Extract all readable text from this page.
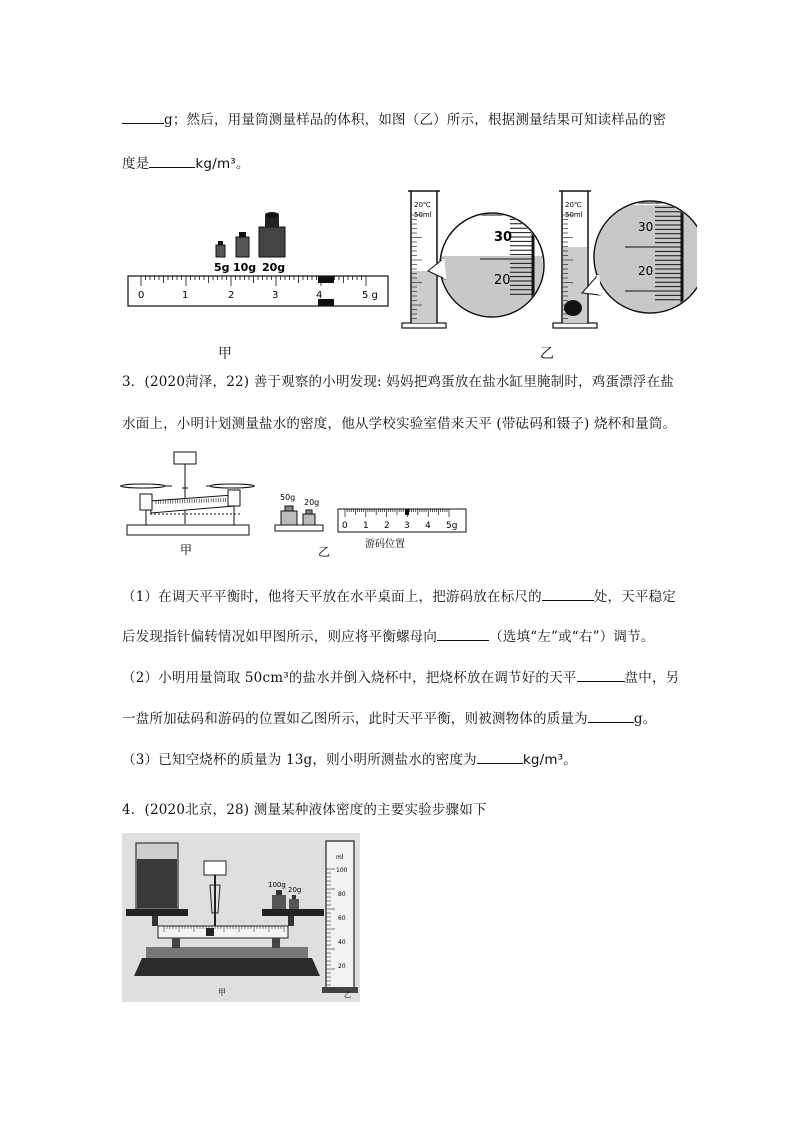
g；然后，用量筒测量样品的体积，如图（乙）所示，根据测量结果可知读样品的密
度是	kg/m³。
5g 10g 20g
0	1	2	3	4	5 g
20℃
50ml
30
20
20℃
50ml
30
20
甲	乙
3．(2020菏泽，22) 善于观察的小明发现: 妈妈把鸡蛋放在盐水缸里腌制时，鸡蛋漂浮在盐
水面上，小明计划测量盐水的密度，他从学校实验室借来天平 (带砝码和镊子) 烧杯和量筒。
甲
50g
20g
乙
0 1 2 3 4 5g
游码位置
（1）在调天平平衡时，他将天平放在水平桌面上，把游码放在标尺的	处，天平稳定
后发现指针偏转情况如甲图所示，则应将平衡螺母向	（选填“左”或“右”）调节。
（2）小明用量筒取 50cm³的盐水并倒入烧杯中，把烧杯放在调节好的天平	盘中，另
一盘所加砝码和游码的位置如乙图所示，此时天平平衡，则被测物体的质量为	g。
（3）已知空烧杯的质量为 13g，则小明所测盐水的密度为	kg/m³。
4．(2020北京，28) 测量某种液体密度的主要实验步骤如下
100g
20g
甲
ml
100
80
60
40
20
乙
